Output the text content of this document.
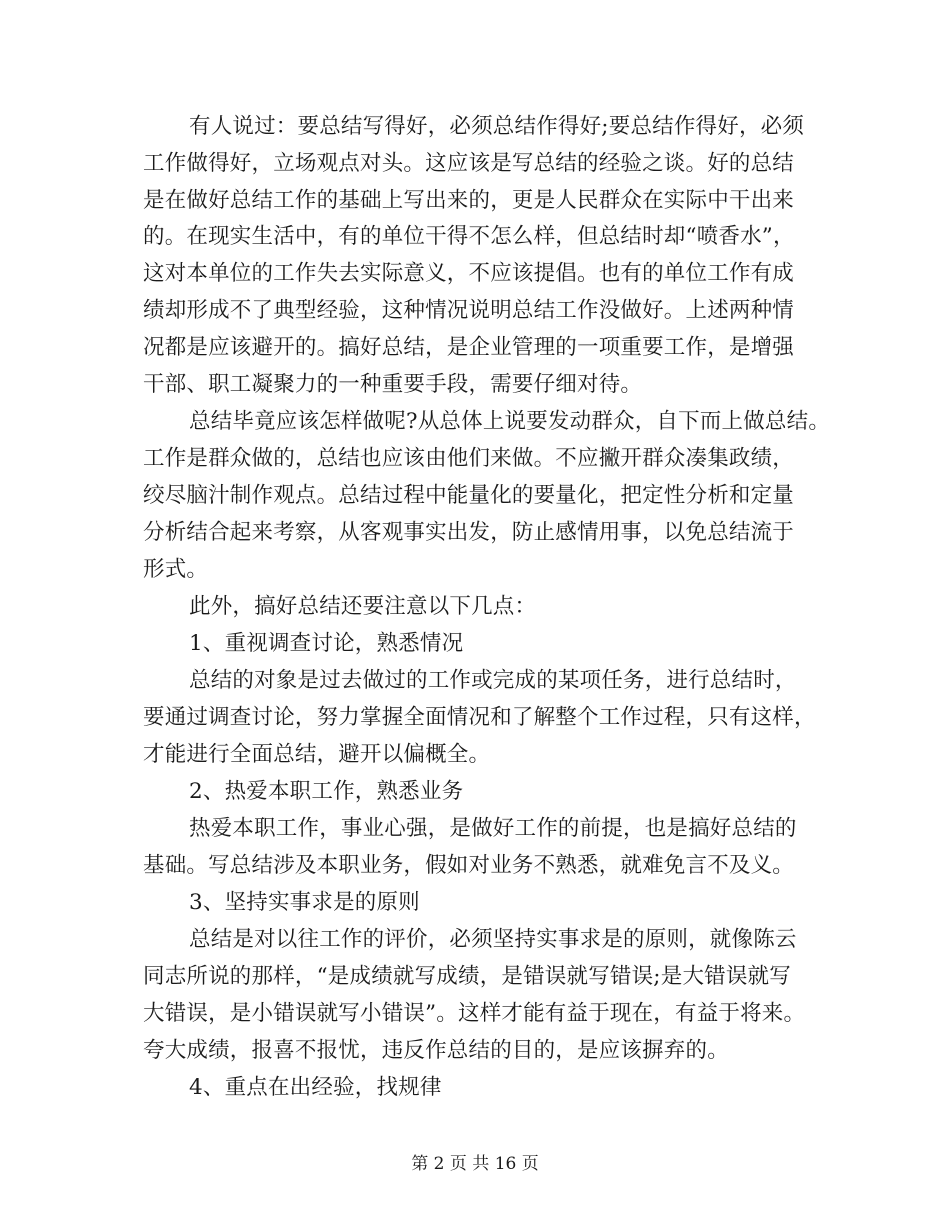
有人说过：要总结写得好，必须总结作得好;要总结作得好，必须
工作做得好，立场观点对头。这应该是写总结的经验之谈。好的总结
是在做好总结工作的基础上写出来的，更是人民群众在实际中干出来
的。在现实生活中，有的单位干得不怎么样，但总结时却“喷香水”，
这对本单位的工作失去实际意义，不应该提倡。也有的单位工作有成
绩却形成不了典型经验，这种情况说明总结工作没做好。上述两种情
况都是应该避开的。搞好总结，是企业管理的一项重要工作，是增强
干部、职工凝聚力的一种重要手段，需要仔细对待。
总结毕竟应该怎样做呢?从总体上说要发动群众，自下而上做总结。
工作是群众做的，总结也应该由他们来做。不应撇开群众凑集政绩，
绞尽脑汁制作观点。总结过程中能量化的要量化，把定性分析和定量
分析结合起来考察，从客观事实出发，防止感情用事，以免总结流于
形式。
此外，搞好总结还要注意以下几点：
1、重视调查讨论，熟悉情况
总结的对象是过去做过的工作或完成的某项任务，进行总结时，
要通过调查讨论，努力掌握全面情况和了解整个工作过程，只有这样，
才能进行全面总结，避开以偏概全。
2、热爱本职工作，熟悉业务
热爱本职工作，事业心强，是做好工作的前提，也是搞好总结的
基础。写总结涉及本职业务，假如对业务不熟悉，就难免言不及义。
3、坚持实事求是的原则
总结是对以往工作的评价，必须坚持实事求是的原则，就像陈云
同志所说的那样，“是成绩就写成绩，是错误就写错误;是大错误就写
大错误，是小错误就写小错误”。这样才能有益于现在，有益于将来。
夸大成绩，报喜不报忧，违反作总结的目的，是应该摒弃的。
4、重点在出经验，找规律
第 2 页 共 16 页
